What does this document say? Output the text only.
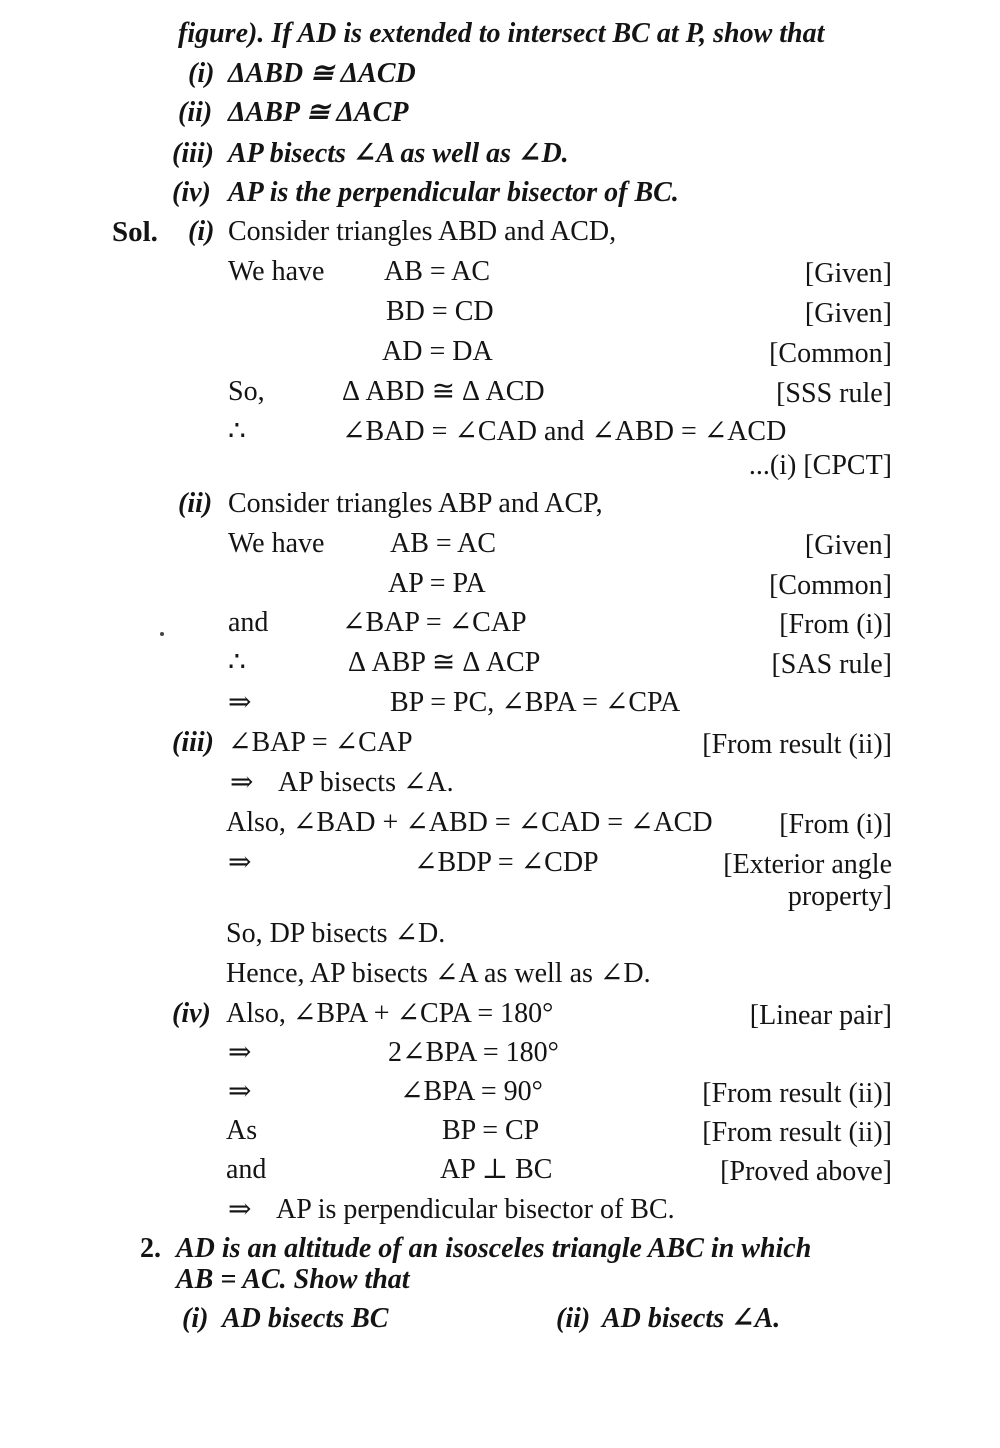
figure). If AD is extended to intersect BC at P, show that
(i) ΔABD ≅ ΔACD
(ii) ΔABP ≅ ΔACP
(iii) AP bisects ∠A as well as ∠D.
(iv) AP is the perpendicular bisector of BC.
Sol. (i) Consider triangles ABD and ACD,
We have AB = AC	[Given]
BD = CD	[Given]
AD = DA	[Common]
So,	Δ ABD ≅ Δ ACD	[SSS rule]
∴	∠BAD = ∠CAD and ∠ABD = ∠ACD
...(i) [CPCT]
(ii) Consider triangles ABP and ACP,
We have AB = AC	[Given]
AP = PA	[Common]
and	∠BAP = ∠CAP	[From (i)]
∴	Δ ABP ≅ Δ ACP	[SAS rule]
⇒	BP = PC, ∠BPA = ∠CPA
(iii) ∠BAP = ∠CAP	[From result (ii)]
⇒ AP bisects ∠A.
Also, ∠BAD + ∠ABD = ∠CAD = ∠ACD [From (i)]
⇒	∠BDP = ∠CDP	[Exterior angle
property]
So, DP bisects ∠D.
Hence, AP bisects ∠A as well as ∠D.
(iv) Also, ∠BPA + ∠CPA = 180°	[Linear pair]
⇒	2∠BPA = 180°
⇒	∠BPA = 90°	[From result (ii)]
As	BP = CP	[From result (ii)]
and	AP ⊥ BC	[Proved above]
⇒ AP is perpendicular bisector of BC.
2. AD is an altitude of an isosceles triangle ABC in which
AB = AC. Show that
(i) AD bisects BC	(ii) AD bisects ∠A.
